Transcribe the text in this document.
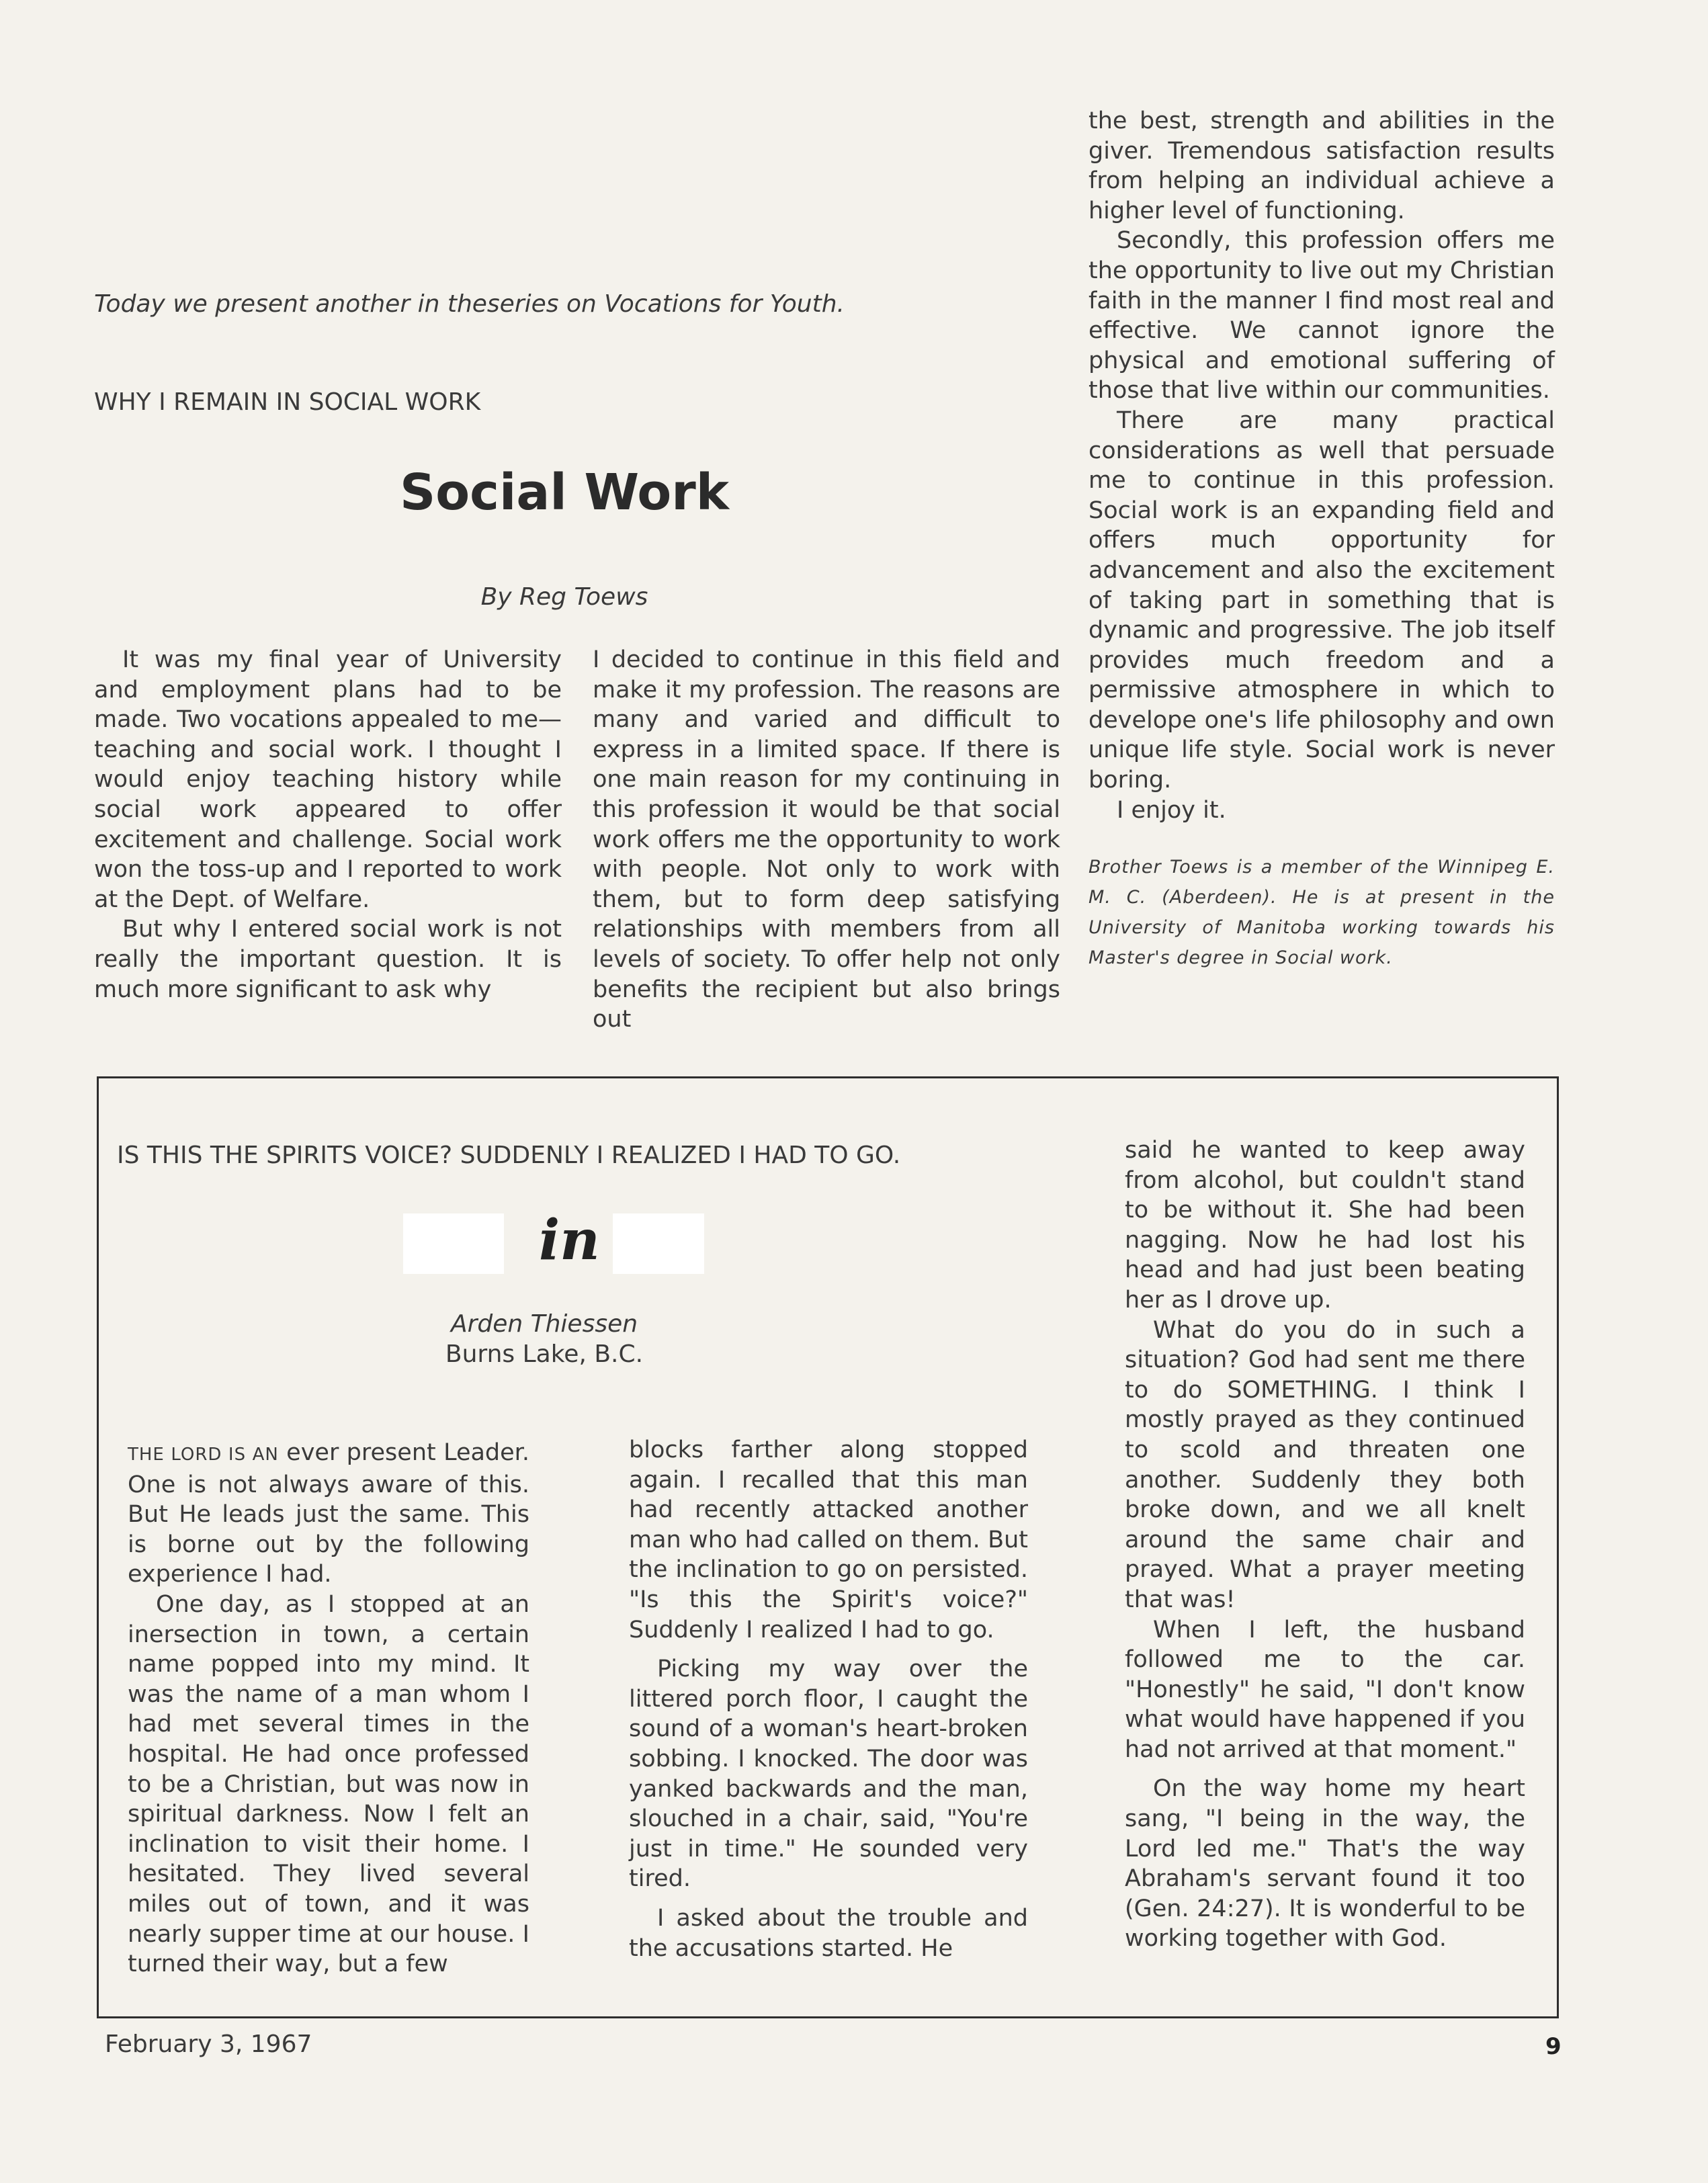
Today we present another in theseries on Vocations for Youth.
WHY I REMAIN IN SOCIAL WORK
Social Work
By Reg Toews

It was my final year of University and employment plans had to be made. Two vocations appealed to me—teaching and social work. I thought I would enjoy teaching history while social work appeared to offer excitement and challenge. Social work won the toss-up and I reported to work at the Dept. of Welfare.

But why I entered social work is not really the important question. It is much more significant to ask why

I decided to continue in this field and make it my profession. The reasons are many and varied and difficult to express in a limited space. If there is one main reason for my continuing in this profession it would be that social work offers me the opportunity to work with people. Not only to work with them, but to form deep satisfying relationships with members from all levels of society. To offer help not only benefits the recipient but also brings out

the best, strength and abilities in the giver. Tremendous satisfaction results from helping an individual achieve a higher level of functioning.

Secondly, this profession offers me the opportunity to live out my Christian faith in the manner I find most real and effective. We cannot ignore the physical and emotional suffering of those that live within our communities.

There are many practical considerations as well that persuade me to continue in this profession. Social work is an expanding field and offers much opportunity for advancement and also the excitement of taking part in something that is dynamic and progressive. The job itself provides much freedom and a permissive atmosphere in which to develope one's life philosophy and own unique life style. Social work is never boring.

I enjoy it.

Brother Toews is a member of the Winnipeg E. M. C. (Aberdeen). He is at present in the University of Manitoba working towards his Master's degree in Social work.

IS THIS THE SPIRITS VOICE? SUDDENLY I REALIZED I HAD TO GO.
in
Arden Thiessen
Burns Lake, B.C.

THE LORD IS AN ever present Leader. One is not always aware of this. But He leads just the same. This is borne out by the following experience I had.

One day, as I stopped at an inersection in town, a certain name popped into my mind. It was the name of a man whom I had met several times in the hospital. He had once professed to be a Christian, but was now in spiritual darkness. Now I felt an inclination to visit their home. I hesitated. They lived several miles out of town, and it was nearly supper time at our house. I turned their way, but a few

blocks farther along stopped again. I recalled that this man had recently attacked another man who had called on them. But the inclination to go on persisted. "Is this the Spirit's voice?" Suddenly I realized I had to go.

Picking my way over the littered porch floor, I caught the sound of a woman's heart-broken sobbing. I knocked. The door was yanked backwards and the man, slouched in a chair, said, "You're just in time." He sounded very tired.

I asked about the trouble and the accusations started. He

said he wanted to keep away from alcohol, but couldn't stand to be without it. She had been nagging. Now he had lost his head and had just been beating her as I drove up.

What do you do in such a situation? God had sent me there to do SOMETHING. I think I mostly prayed as they continued to scold and threaten one another. Suddenly they both broke down, and we all knelt around the same chair and prayed. What a prayer meeting that was!

When I left, the husband followed me to the car. "Honestly" he said, "I don't know what would have happened if you had not arrived at that moment."

On the way home my heart sang, "I being in the way, the Lord led me." That's the way Abraham's servant found it too (Gen. 24:27). It is wonderful to be working together with God.

February 3, 1967	9
